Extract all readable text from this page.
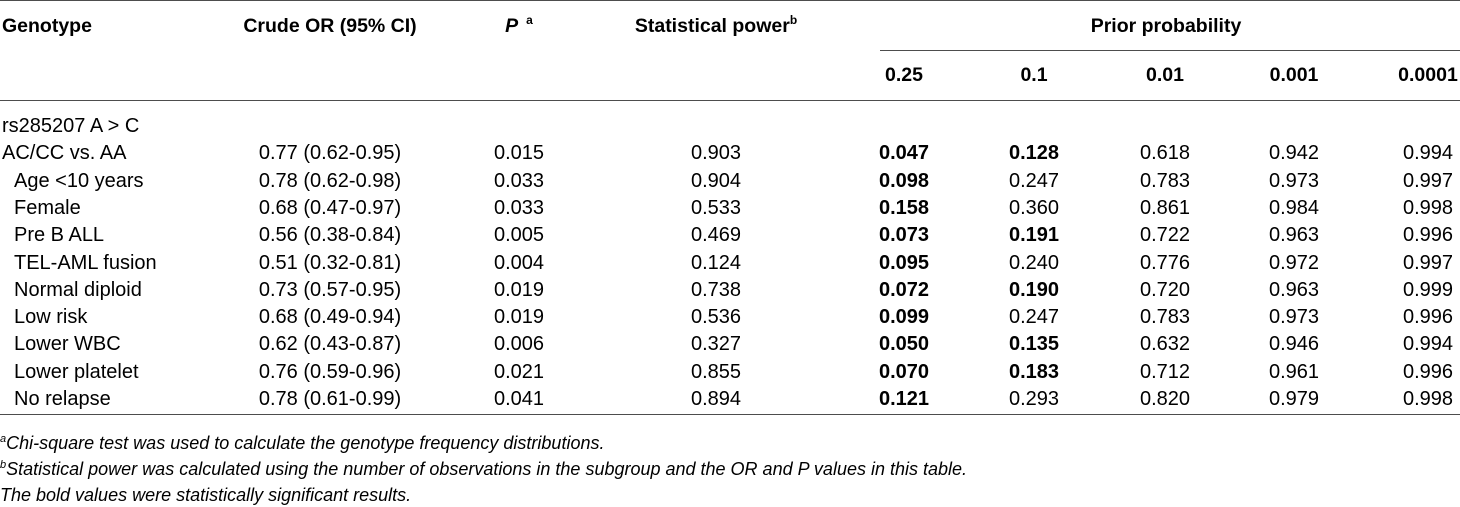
Genotype	Crude OR (95% CI)	P $^a$	Statistical power$^b$	Prior probability
0.25	0.1	0.01	0.001	0.0001
rs285207 A > C
AC/CC vs. AA	0.77 (0.62-0.95)	0.015	0.903	0.047	0.128	0.618	0.942	0.994
Age <10 years	0.78 (0.62-0.98)	0.033	0.904	0.098	0.247	0.783	0.973	0.997
Female	0.68 (0.47-0.97)	0.033	0.533	0.158	0.360	0.861	0.984	0.998
Pre B ALL	0.56 (0.38-0.84)	0.005	0.469	0.073	0.191	0.722	0.963	0.996
TEL-AML fusion	0.51 (0.32-0.81)	0.004	0.124	0.095	0.240	0.776	0.972	0.997
Normal diploid	0.73 (0.57-0.95)	0.019	0.738	0.072	0.190	0.720	0.963	0.999
Low risk	0.68 (0.49-0.94)	0.019	0.536	0.099	0.247	0.783	0.973	0.996
Lower WBC	0.62 (0.43-0.87)	0.006	0.327	0.050	0.135	0.632	0.946	0.994
Lower platelet	0.76 (0.59-0.96)	0.021	0.855	0.070	0.183	0.712	0.961	0.996
No relapse	0.78 (0.61-0.99)	0.041	0.894	0.121	0.293	0.820	0.979	0.998
$^a$Chi-square test was used to calculate the genotype frequency distributions.
$^b$Statistical power was calculated using the number of observations in the subgroup and the OR and P values in this table.
The bold values were statistically significant results.
